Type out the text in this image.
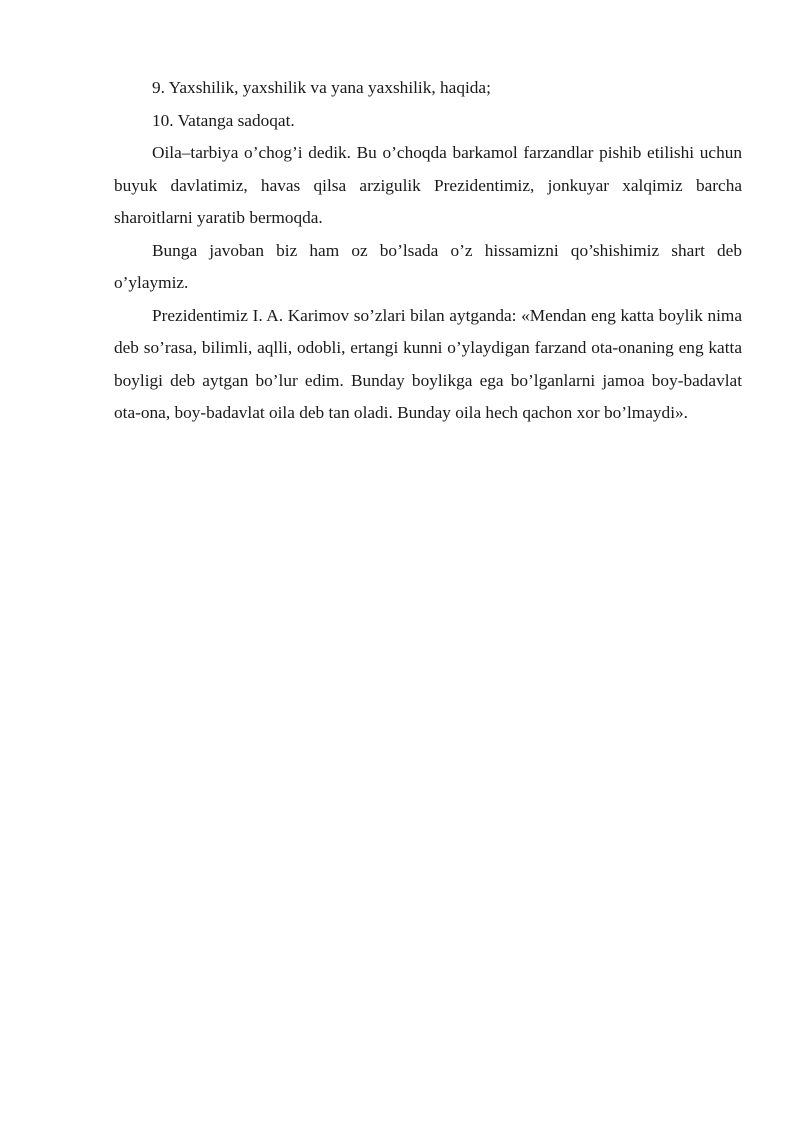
9. Yaxshilik, yaxshilik va yana yaxshilik, haqida;

10. Vatanga sadoqat.

Oila–tarbiya o’chog’i dedik. Bu o’choqda barkamol farzandlar pishib etilishi uchun buyuk davlatimiz, havas qilsa arzigulik Prezidentimiz, jonkuyar xalqimiz barcha sharoitlarni yaratib bermoqda.

Bunga javoban biz ham oz bo’lsada o’z hissamizni qo’shishimiz shart deb o’ylaymiz.

Prezidentimiz I. A. Karimov so’zlari bilan aytganda: «Mendan eng katta boylik nima deb so’rasa, bilimli, aqlli, odobli, ertangi kunni o’ylaydigan farzand ota-onaning eng katta boyligi deb aytgan bo’lur edim. Bunday boylikga ega bo’lganlarni jamoa boy-badavlat ota-ona, boy-badavlat oila deb tan oladi. Bunday oila hech qachon xor bo’lmaydi».
